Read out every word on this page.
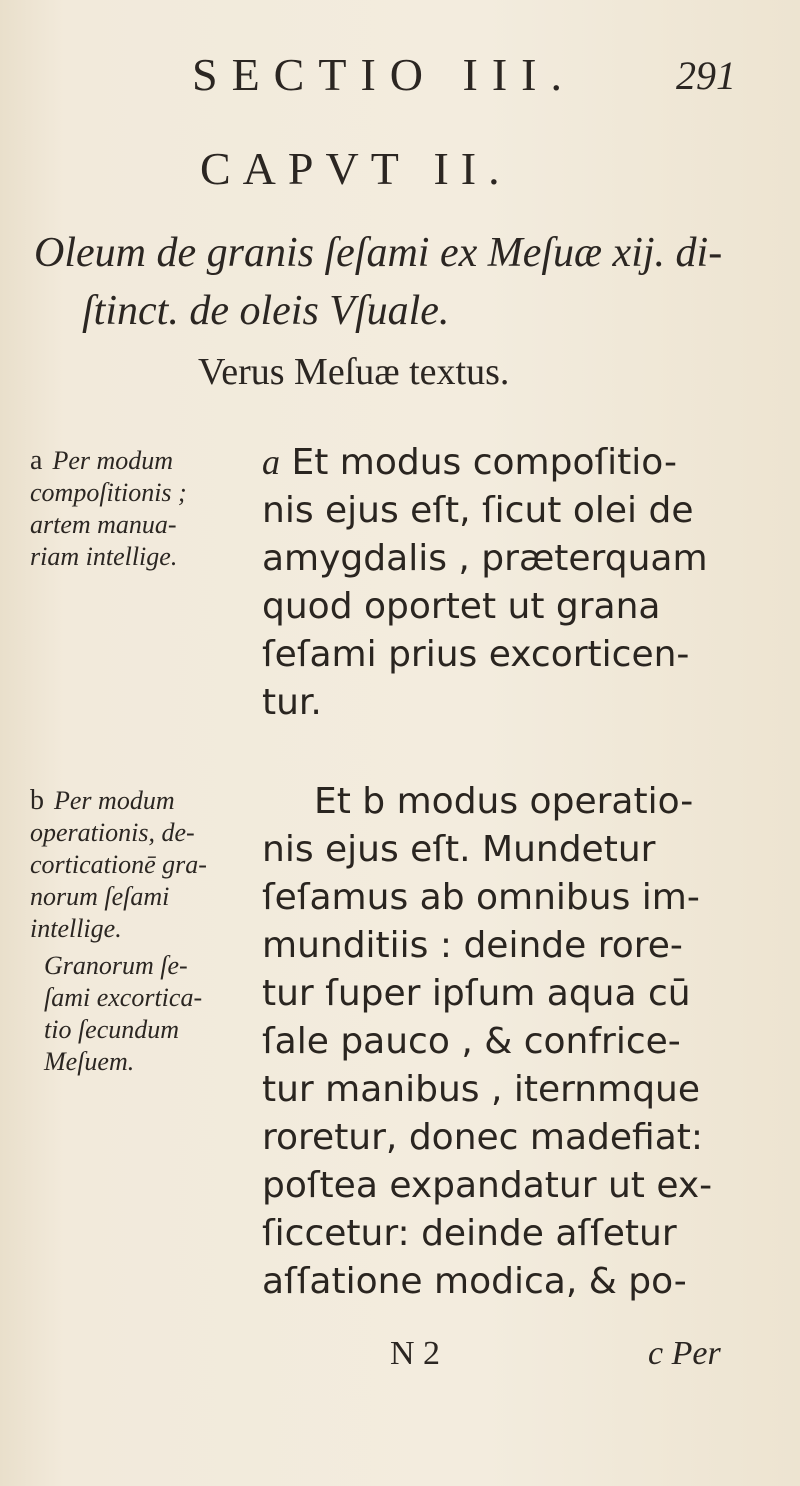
SECTIO III.	291
CAPVT II.
Oleum de granis ſeſami ex Meſuæ xij. di-
ſtinct. de oleis Vſuale.
Verus Meſuæ textus.
a Per modum
compoſitionis ;
artem manua-
riam intellige.
b Per modum
operationis, de-
corticationē gra-
norum ſeſami
intellige.
Granorum ſe-
ſami excortica-
tio ſecundum
Meſuem.
a Et modus compoſitio-
nis ejus eſt, ſicut olei de
amygdalis , præterquam
quod oportet ut grana
ſeſami prius excorticen-
tur.
Et b modus operatio-
nis ejus eſt. Mundetur
ſeſamus ab omnibus im-
munditiis : deinde rore-
tur ſuper ipſum aqua cū
ſale pauco , & confrice-
tur manibus , iternmque
roretur, donec madefiat:
poſtea expandatur ut ex-
ſiccetur: deinde aſſetur
aſſatione modica, & po-
N 2	c Per
